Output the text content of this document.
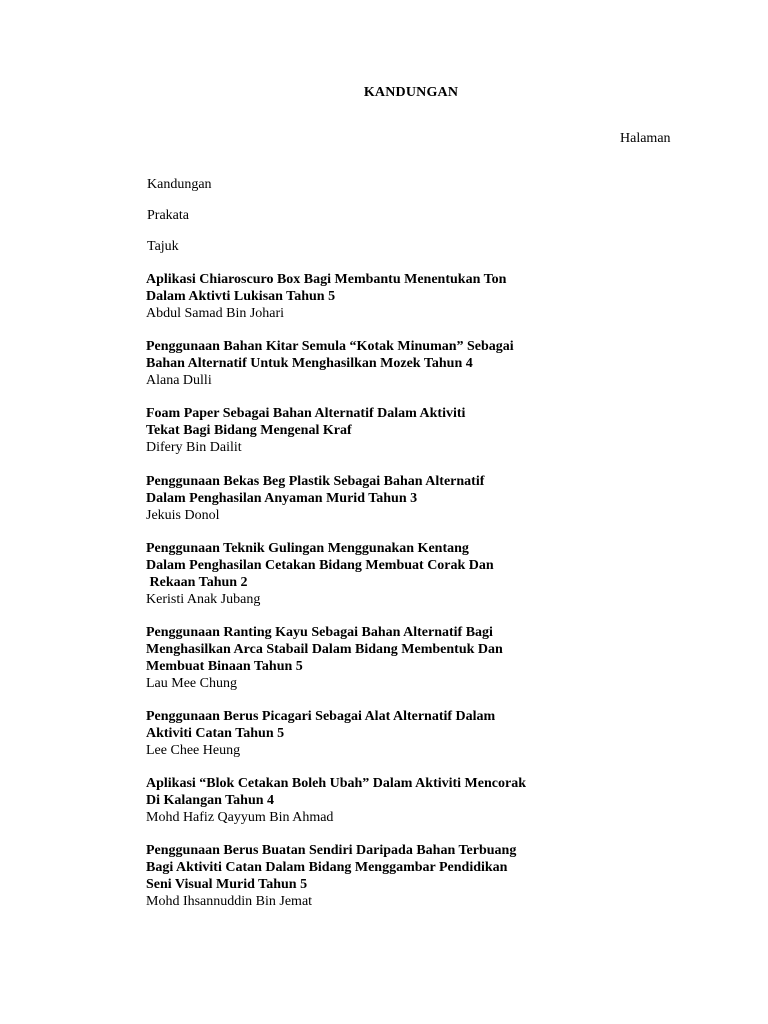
KANDUNGAN
Halaman
Kandungan
Prakata
Tajuk
Aplikasi Chiaroscuro Box Bagi Membantu Menentukan Ton
Dalam Aktivti Lukisan Tahun 5
Abdul Samad Bin Johari
Penggunaan Bahan Kitar Semula “Kotak Minuman” Sebagai
Bahan Alternatif Untuk Menghasilkan Mozek Tahun 4
Alana Dulli
Foam Paper Sebagai Bahan Alternatif Dalam Aktiviti
Tekat Bagi Bidang Mengenal Kraf
Difery Bin Dailit
Penggunaan Bekas Beg Plastik Sebagai Bahan Alternatif
Dalam Penghasilan Anyaman Murid Tahun 3
Jekuis Donol
Penggunaan Teknik Gulingan Menggunakan Kentang
Dalam Penghasilan Cetakan Bidang Membuat Corak Dan
Rekaan Tahun 2
Keristi Anak Jubang
Penggunaan Ranting Kayu Sebagai Bahan Alternatif Bagi
Menghasilkan Arca Stabail Dalam Bidang Membentuk Dan
Membuat Binaan Tahun 5
Lau Mee Chung
Penggunaan Berus Picagari Sebagai Alat Alternatif Dalam
Aktiviti Catan Tahun 5
Lee Chee Heung
Aplikasi “Blok Cetakan Boleh Ubah” Dalam Aktiviti Mencorak
Di Kalangan Tahun 4
Mohd Hafiz Qayyum Bin Ahmad
Penggunaan Berus Buatan Sendiri Daripada Bahan Terbuang
Bagi Aktiviti Catan Dalam Bidang Menggambar Pendidikan
Seni Visual Murid Tahun 5
Mohd Ihsannuddin Bin Jemat
